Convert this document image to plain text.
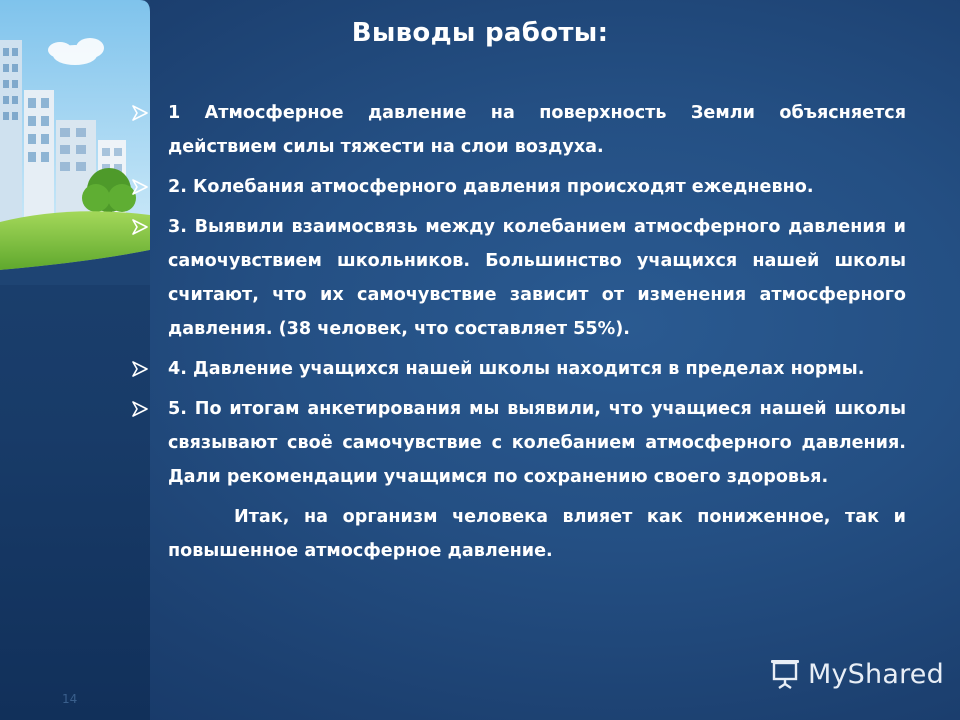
Выводы работы:
1 Атмосферное давление на поверхность Земли объясняется действием силы тяжести на слои воздуха.
2. Колебания атмосферного давления происходят ежедневно.
3. Выявили взаимосвязь между колебанием атмосферного давления и самочувствием школьников. Большинство учащихся нашей школы считают, что их самочувствие зависит от изменения атмосферного давления. (38 человек, что составляет 55%).
4. Давление учащихся нашей школы находится в пределах нормы.
5. По итогам анкетирования мы выявили, что учащиеся нашей школы связывают своё самочувствие с колебанием атмосферного давления. Дали рекомендации учащимся по сохранению своего здоровья.
Итак, на организм человека влияет как пониженное, так и повышенное атмосферное давление.
MyShared
14
